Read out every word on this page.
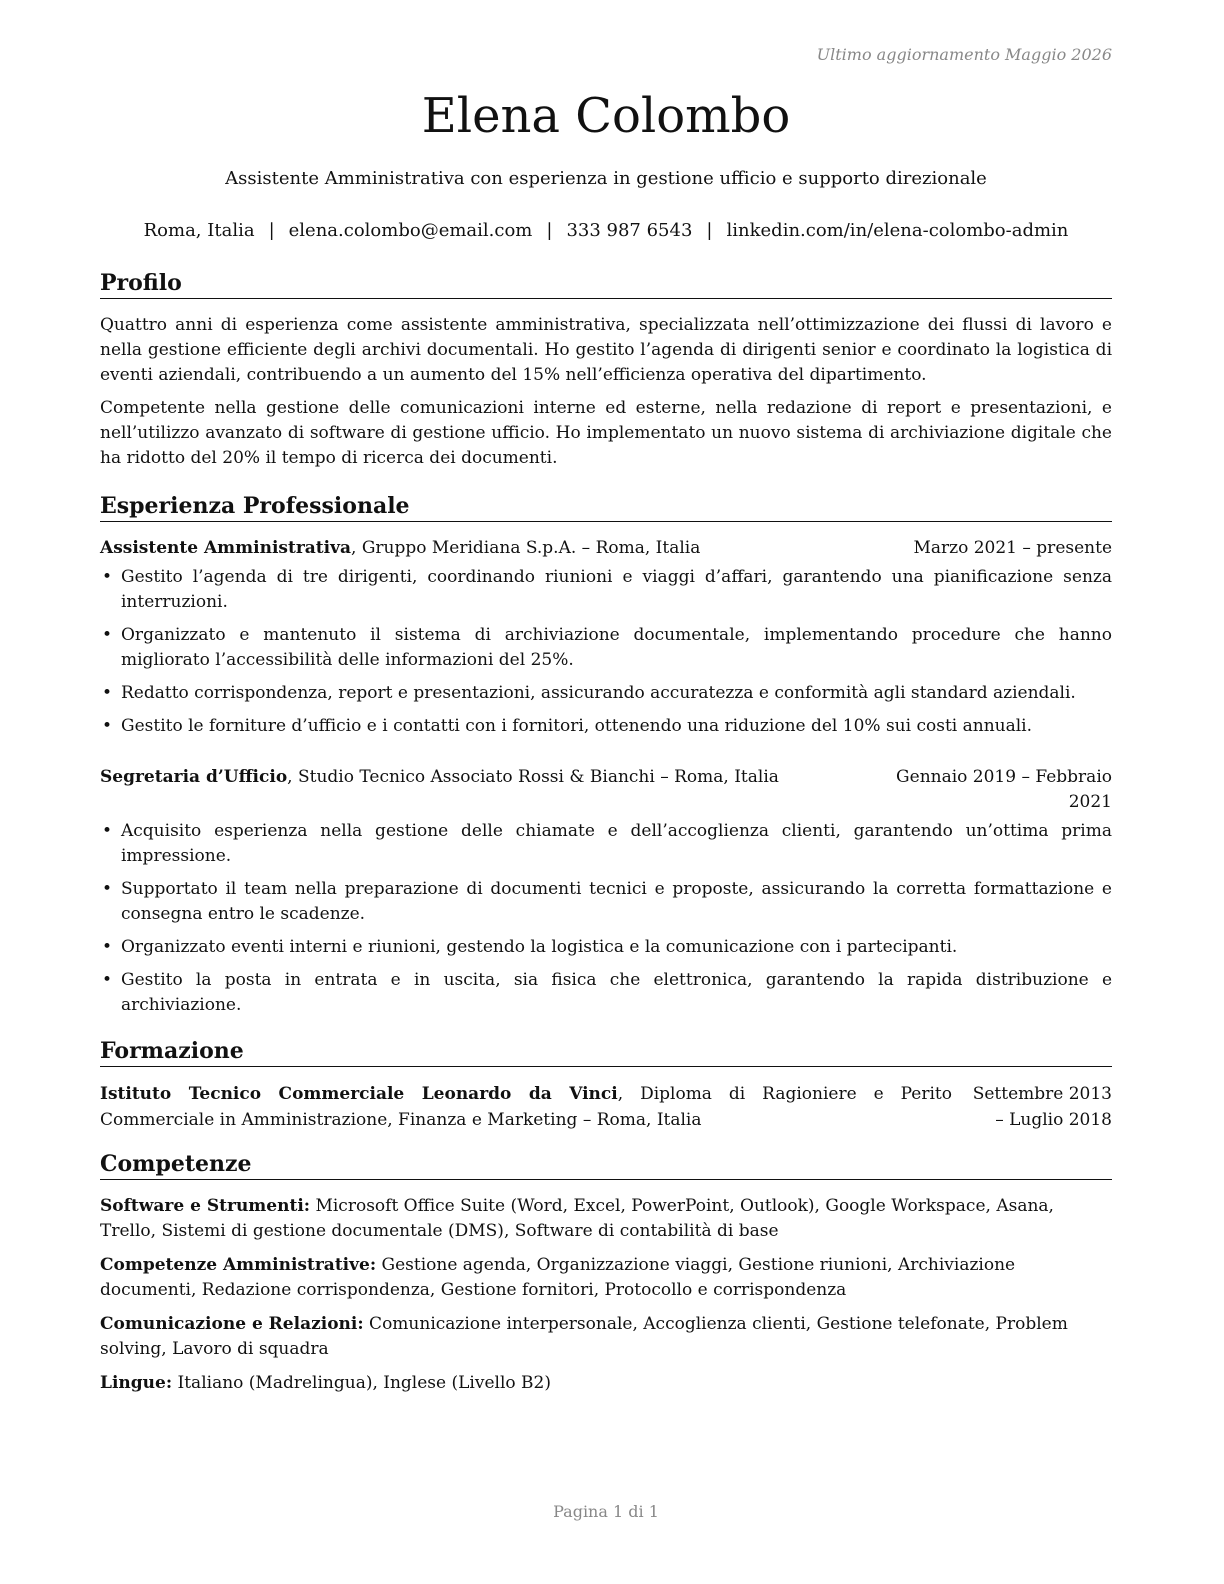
Ultimo aggiornamento Maggio 2026
Elena Colombo
Assistente Amministrativa con esperienza in gestione ufficio e supporto direzionale
Roma, Italia | elena.colombo@email.com | 333 987 6543 | linkedin.com/in/elena-colombo-admin
Profilo

Quattro anni di esperienza come assistente amministrativa, specializzata nell’ottimizzazione dei flussi di lavoro e nella gestione efficiente degli archivi documentali. Ho gestito l’agenda di dirigenti senior e coordinato la logistica di eventi aziendali, contribuendo a un aumento del 15% nell’efficienza operativa del dipartimento.

Competente nella gestione delle comunicazioni interne ed esterne, nella redazione di report e presentazioni, e nell’utilizzo avanzato di software di gestione ufficio. Ho implementato un nuovo sistema di archiviazione digitale che ha ridotto del 20% il tempo di ricerca dei documenti.

Esperienza Professionale
Assistente Amministrativa, Gruppo Meridiana S.p.A. – Roma, Italia	Marzo 2021 – presente
• Gestito l’agenda di tre dirigenti, coordinando riunioni e viaggi d’affari, garantendo una pianificazione senza interruzioni.
• Organizzato e mantenuto il sistema di archiviazione documentale, implementando procedure che hanno migliorato l’accessibilità delle informazioni del 25%.
• Redatto corrispondenza, report e presentazioni, assicurando accuratezza e conformità agli standard aziendali.
• Gestito le forniture d’ufficio e i contatti con i fornitori, ottenendo una riduzione del 10% sui costi annuali.
Segretaria d’Ufficio, Studio Tecnico Associato Rossi & Bianchi – Roma, Italia	Gennaio 2019 – Febbraio 2021
• Acquisito esperienza nella gestione delle chiamate e dell’accoglienza clienti, garantendo un’ottima prima impressione.
• Supportato il team nella preparazione di documenti tecnici e proposte, assicurando la corretta formattazione e consegna entro le scadenze.
• Organizzato eventi interni e riunioni, gestendo la logistica e la comunicazione con i partecipanti.
• Gestito la posta in entrata e in uscita, sia fisica che elettronica, garantendo la rapida distribuzione e archiviazione.
Formazione
Istituto Tecnico Commerciale Leonardo da Vinci, Diploma di Ragioniere e Perito Commerciale in Amministrazione, Finanza e Marketing – Roma, Italia
Settembre 2013 – Luglio 2018
Competenze
Software e Strumenti: Microsoft Office Suite (Word, Excel, PowerPoint, Outlook), Google Workspace, Asana, Trello, Sistemi di gestione documentale (DMS), Software di contabilità di base
Competenze Amministrative: Gestione agenda, Organizzazione viaggi, Gestione riunioni, Archiviazione documenti, Redazione corrispondenza, Gestione fornitori, Protocollo e corrispondenza
Comunicazione e Relazioni: Comunicazione interpersonale, Accoglienza clienti, Gestione telefonate, Problem solving, Lavoro di squadra
Lingue: Italiano (Madrelingua), Inglese (Livello B2)
Pagina 1 di 1
